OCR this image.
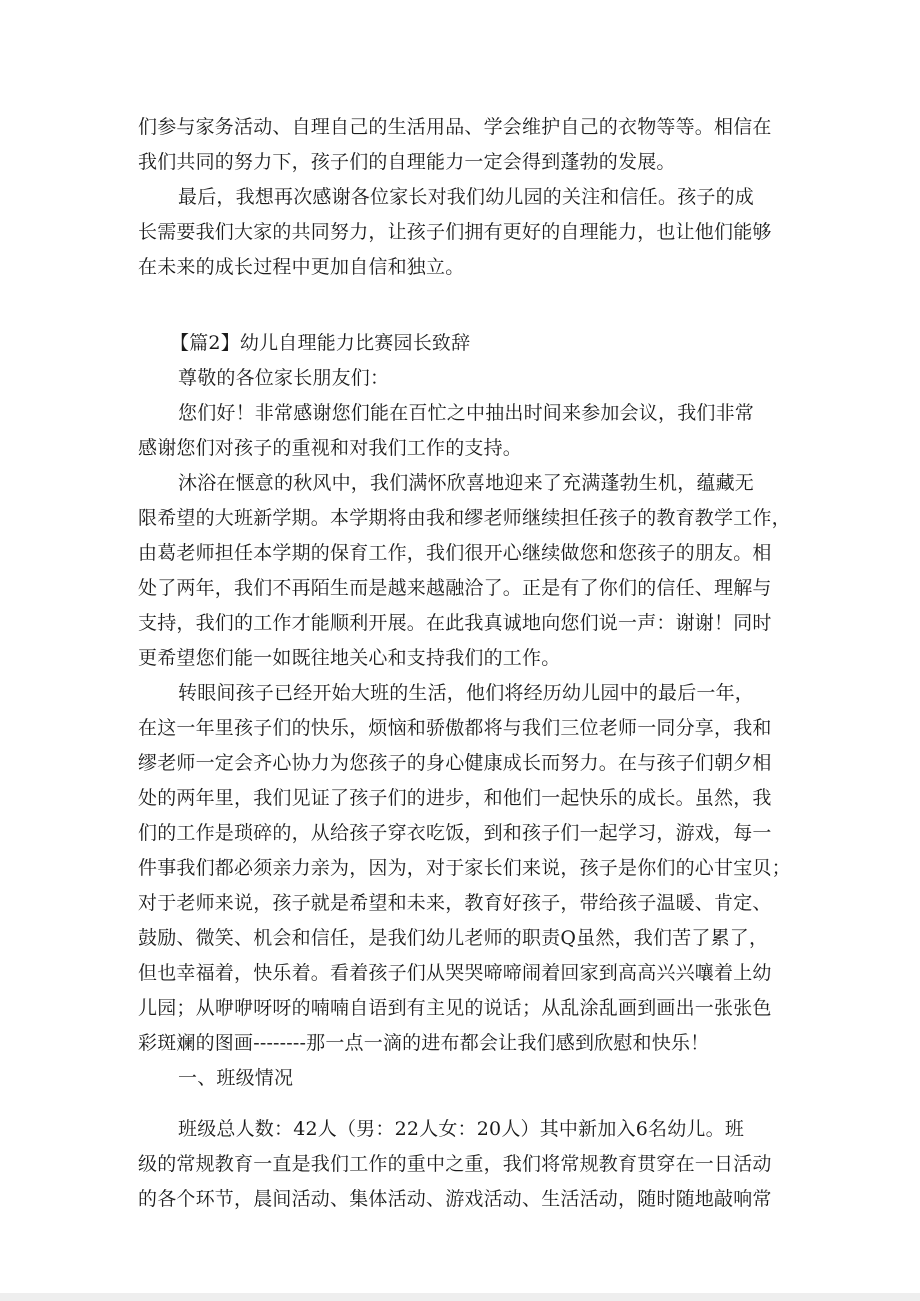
们参与家务活动、自理自己的生活用品、学会维护自己的衣物等等。相信在
我们共同的努力下，孩子们的自理能力一定会得到蓬勃的发展。
最后，我想再次感谢各位家长对我们幼儿园的关注和信任。孩子的成
长需要我们大家的共同努力，让孩子们拥有更好的自理能力，也让他们能够
在未来的成长过程中更加自信和独立。
【篇2】幼儿自理能力比赛园长致辞
尊敬的各位家长朋友们：
您们好！非常感谢您们能在百忙之中抽出时间来参加会议，我们非常
感谢您们对孩子的重视和对我们工作的支持。
沐浴在惬意的秋风中，我们满怀欣喜地迎来了充满蓬勃生机，蕴藏无
限希望的大班新学期。本学期将由我和缪老师继续担任孩子的教育教学工作，
由葛老师担任本学期的保育工作，我们很开心继续做您和您孩子的朋友。相
处了两年，我们不再陌生而是越来越融洽了。正是有了你们的信任、理解与
支持，我们的工作才能顺利开展。在此我真诚地向您们说一声：谢谢！同时
更希望您们能一如既往地关心和支持我们的工作。
转眼间孩子已经开始大班的生活，他们将经历幼儿园中的最后一年，
在这一年里孩子们的快乐，烦恼和骄傲都将与我们三位老师一同分享，我和
缪老师一定会齐心协力为您孩子的身心健康成长而努力。在与孩子们朝夕相
处的两年里，我们见证了孩子们的进步，和他们一起快乐的成长。虽然，我
们的工作是琐碎的，从给孩子穿衣吃饭，到和孩子们一起学习，游戏，每一
件事我们都必须亲力亲为，因为，对于家长们来说，孩子是你们的心甘宝贝；
对于老师来说，孩子就是希望和未来，教育好孩子，带给孩子温暖、肯定、
鼓励、微笑、机会和信任，是我们幼儿老师的职责Q虽然，我们苦了累了，
但也幸福着，快乐着。看着孩子们从哭哭啼啼闹着回家到高高兴兴嚷着上幼
儿园；从咿咿呀呀的喃喃自语到有主见的说话；从乱涂乱画到画出一张张色
彩斑斓的图画--------那一点一滴的进布都会让我们感到欣慰和快乐！
一、班级情况
班级总人数：42人（男：22人女：20人）其中新加入6名幼儿。班
级的常规教育一直是我们工作的重中之重，我们将常规教育贯穿在一日活动
的各个环节，晨间活动、集体活动、游戏活动、生活活动，随时随地敲响常
